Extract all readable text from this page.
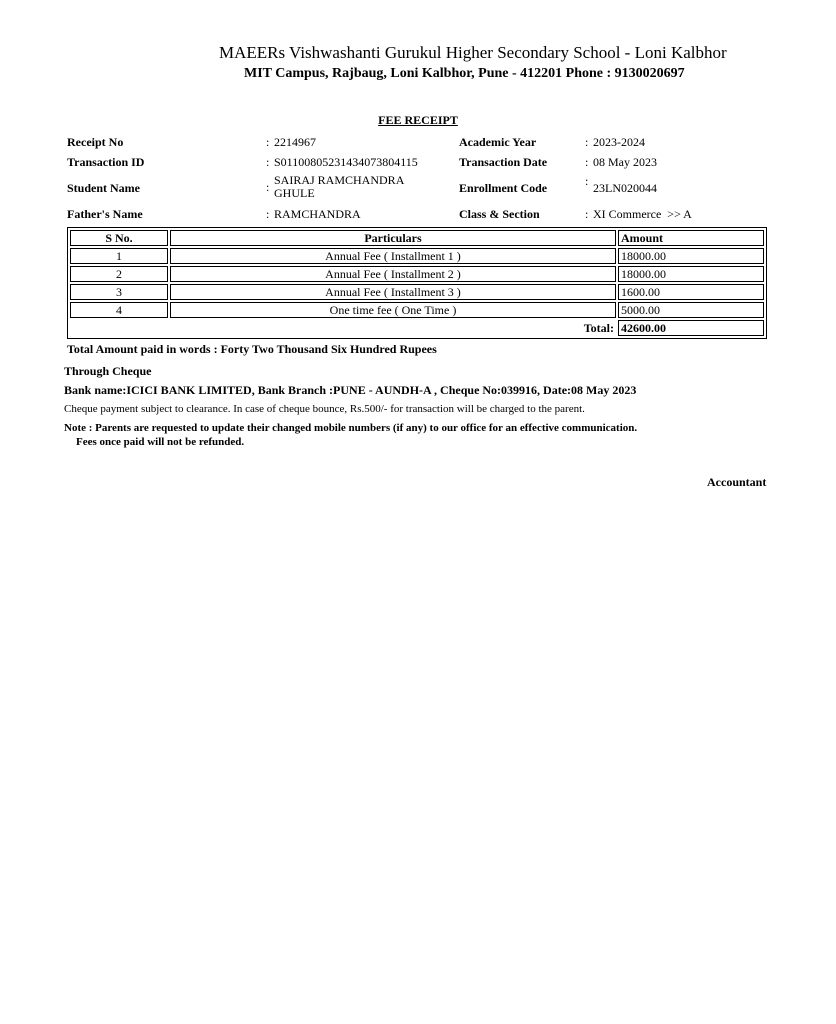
MAEERs Vishwashanti Gurukul Higher Secondary School - Loni Kalbhor
MIT Campus, Rajbaug, Loni Kalbhor, Pune - 412201 Phone : 9130020697
FEE RECEIPT
Receipt No	: 2214967	Academic Year	: 2023-2024
Transaction ID	: S0110080523143407380411​5	Transaction Date	: 08 May 2023
Student Name	: SAIRAJ RAMCHANDRA
GHULE	Enrollment Code	: 23LN020044
Father's Name	: RAMCHANDRA	Class & Section	: XI Commerce  >> A
S No.	Particulars	Amount
1	Annual Fee ( Installment 1 )	18000.00
2	Annual Fee ( Installment 2 )	18000.00
3	Annual Fee ( Installment 3 )	1600.00
4	One time fee ( One Time )	5000.00
Total:		42600.00
Total Amount paid in words : Forty Two Thousand Six Hundred Rupees
Through Cheque
Bank name:ICICI BANK LIMITED, Bank Branch :PUNE - AUNDH-A , Cheque No:039916, Date:08 May 2023
Cheque payment subject to clearance. In case of cheque bounce, Rs.500/- for transaction will be charged to the parent.
Note : Parents are requested to update their changed mobile numbers (if any) to our office for an effective communication.
Fees once paid will not be refunded.
Accountant
